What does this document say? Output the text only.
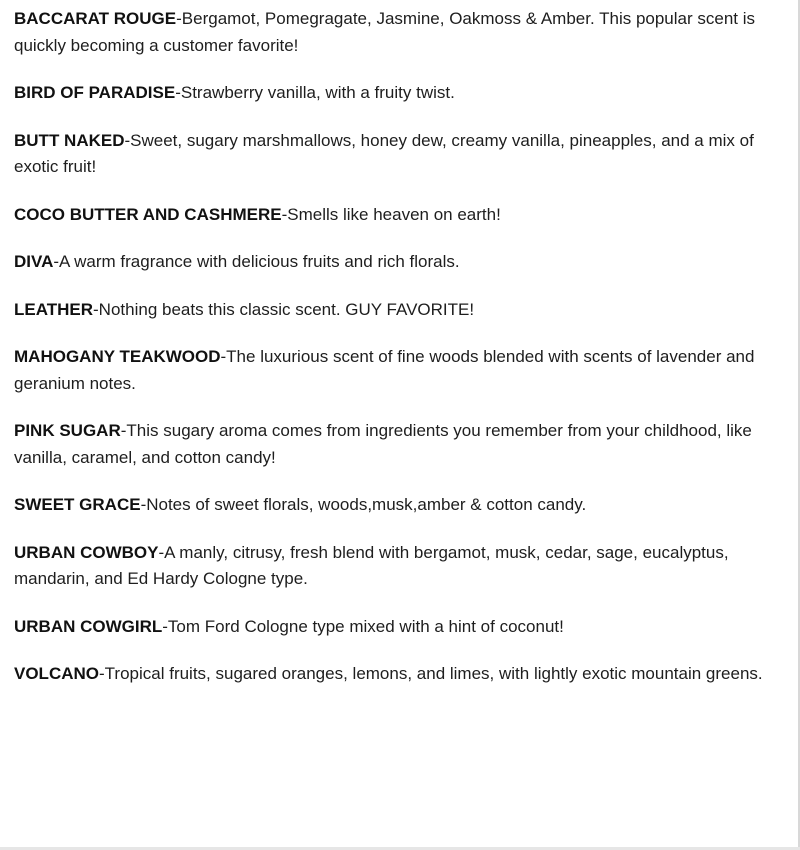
BACCARAT ROUGE-Bergamot, Pomegragate, Jasmine, Oakmoss & Amber. This popular scent is quickly becoming a customer favorite!
BIRD OF PARADISE-Strawberry vanilla, with a fruity twist.
BUTT NAKED-Sweet, sugary marshmallows, honey dew, creamy vanilla, pineapples, and a mix of exotic fruit!
COCO BUTTER AND CASHMERE-Smells like heaven on earth!
DIVA-A warm fragrance with delicious fruits and rich florals.
LEATHER-Nothing beats this classic scent. GUY FAVORITE!
MAHOGANY TEAKWOOD-The luxurious scent of fine woods blended with scents of lavender and geranium notes.
PINK SUGAR-This sugary aroma comes from ingredients you remember from your childhood, like vanilla, caramel, and cotton candy!
SWEET GRACE-Notes of sweet florals, woods,musk,amber & cotton candy.
URBAN COWBOY-A manly, citrusy, fresh blend with bergamot, musk, cedar, sage, eucalyptus, mandarin, and Ed Hardy Cologne type.
URBAN COWGIRL-Tom Ford Cologne type mixed with a hint of coconut!
VOLCANO-Tropical fruits, sugared oranges, lemons, and limes, with lightly exotic mountain greens.
